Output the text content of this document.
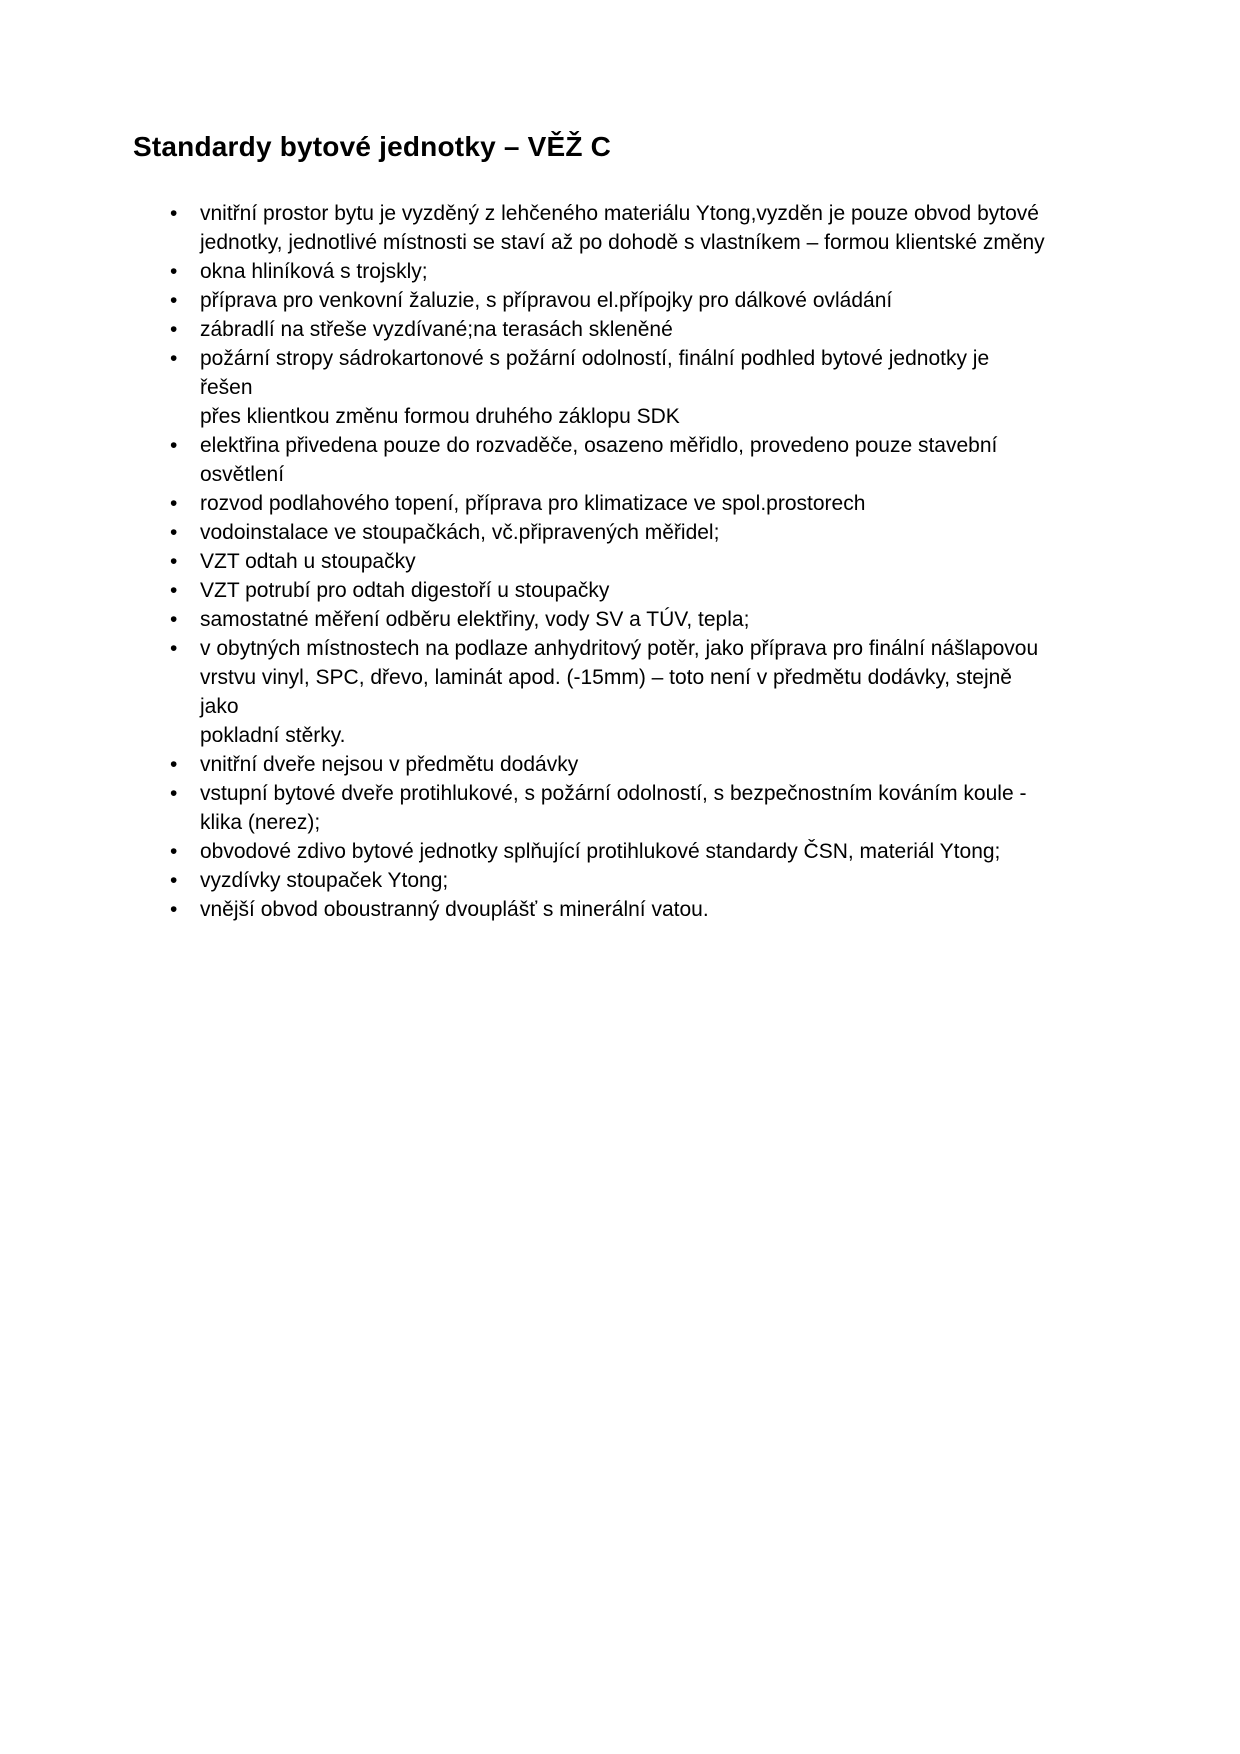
Standardy bytové jednotky – VĚŽ C
•	vnitřní prostor bytu je vyzděný z lehčeného materiálu Ytong,vyzděn je pouze obvod bytové
jednotky, jednotlivé místnosti se staví až po dohodě s vlastníkem – formou klientské změny
•	okna hliníková s trojskly;
•	příprava pro venkovní žaluzie, s přípravou el.přípojky pro dálkové ovládání
•	zábradlí na střeše vyzdívané;na terasách skleněné
•	požární stropy sádrokartonové s požární odolností, finální podhled bytové jednotky je řešen
přes klientkou změnu formou druhého záklopu SDK
•	elektřina přivedena pouze do rozvaděče, osazeno měřidlo, provedeno pouze stavební
osvětlení
•	rozvod podlahového topení, příprava pro klimatizace ve spol.prostorech
•	vodoinstalace ve stoupačkách, vč.připravených měřidel;
•	VZT odtah u stoupačky
•	VZT potrubí pro odtah digestoří u stoupačky
•	samostatné měření odběru elektřiny, vody SV a TÚV, tepla;
•	v obytných místnostech na podlaze anhydritový potěr, jako příprava pro finální nášlapovou
vrstvu vinyl, SPC, dřevo, laminát apod. (-15mm) – toto není v předmětu dodávky, stejně jako
pokladní stěrky.
•	vnitřní dveře nejsou v předmětu dodávky
•	vstupní bytové dveře protihlukové, s požární odolností, s bezpečnostním kováním koule -
klika (nerez);
•	obvodové zdivo bytové jednotky splňující protihlukové standardy ČSN, materiál Ytong;
•	vyzdívky stoupaček Ytong;
•	vnější obvod oboustranný dvouplášť s minerální vatou.
